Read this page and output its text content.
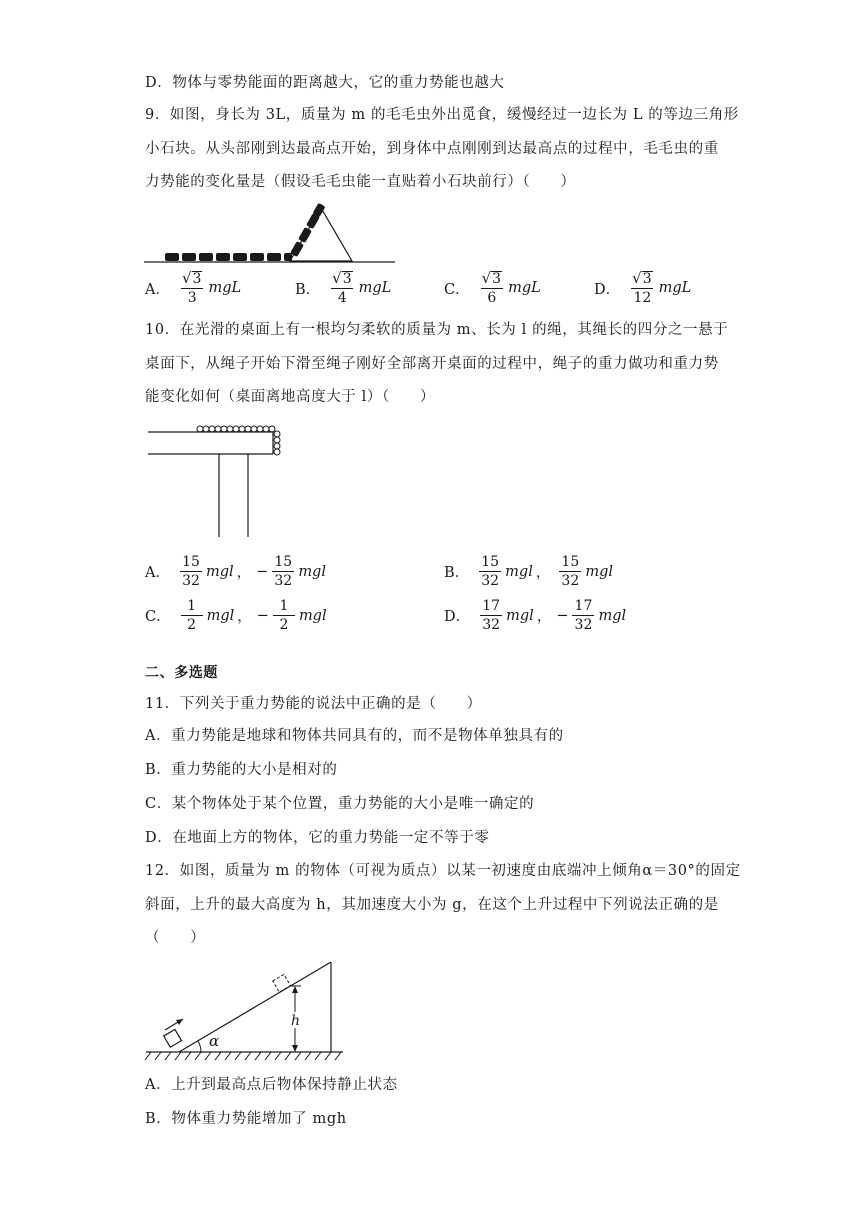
D．物体与零势能面的距离越大，它的重力势能也越大
9．如图，身长为 3L，质量为 m 的毛毛虫外出觅食，缓慢经过一边长为 L 的等边三角形
小石块。从头部刚到达最高点开始，到身体中点刚刚到达最高点的过程中，毛毛虫的重
力势能的变化量是（假设毛毛虫能一直贴着小石块前行）（　　）
A． $\frac{√ 3}{3}$ mgL	B． $\frac{√ 3}{4}$ mgL	C． $\frac{√ 3}{6}$ mgL	D． $\frac{√ 3}{12}$ mgL
10．在光滑的桌面上有一根均匀柔软的质量为 m、长为 l 的绳，其绳长的四分之一悬于
桌面下，从绳子开始下滑至绳子刚好全部离开桌面的过程中，绳子的重力做功和重力势
能变化如何（桌面离地高度大于 l）（　　）
A． $\frac{15}{32}$ mgl ， − $\frac{15}{32}$ mgl	B． $\frac{15}{32}$ mgl ， $\frac{15}{32}$ mgl
C． $\frac{1}{2}$ mgl ， − $\frac{1}{2}$ mgl	D． $\frac{17}{32}$ mgl ， − $\frac{17}{32}$ mgl
二、多选题
11．下列关于重力势能的说法中正确的是（　　）
A．重力势能是地球和物体共同具有的，而不是物体单独具有的
B．重力势能的大小是相对的
C．某个物体处于某个位置，重力势能的大小是唯一确定的
D．在地面上方的物体，它的重力势能一定不等于零
12．如图，质量为 m 的物体（可视为质点）以某一初速度由底端冲上倾角α＝30°的固定
斜面，上升的最大高度为 h，其加速度大小为 g，在这个上升过程中下列说法正确的是
（　　）
α
h
A．上升到最高点后物体保持静止状态
B．物体重力势能增加了 mgh
